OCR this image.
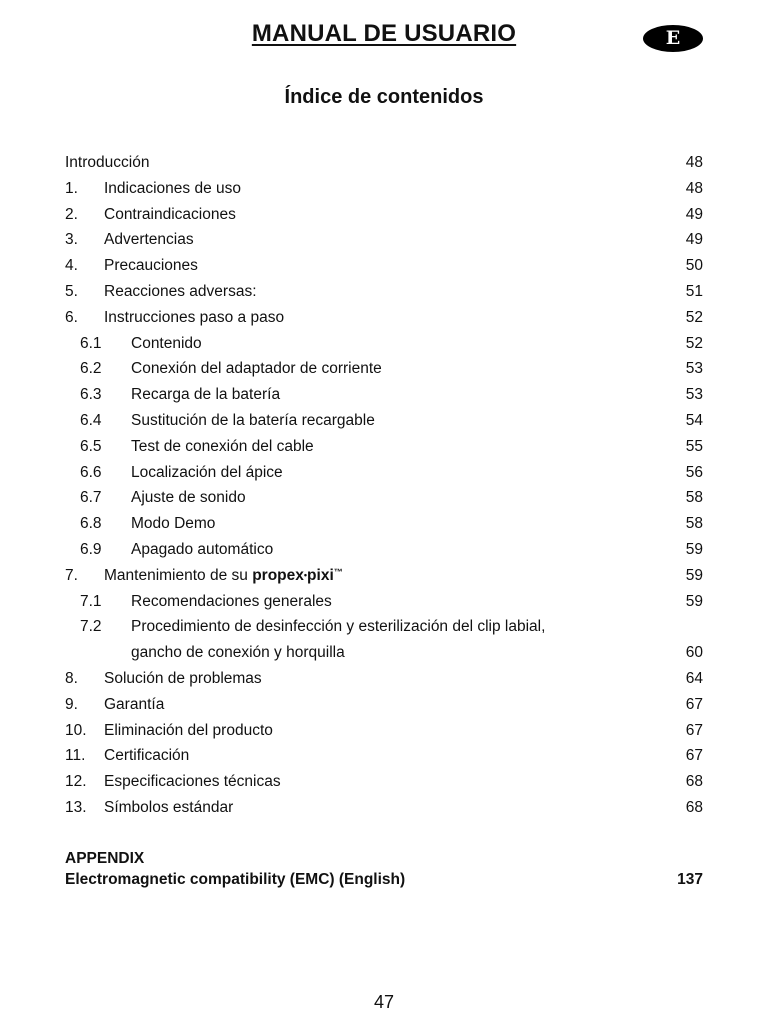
MANUAL DE USUARIO	E
Índice de contenidos
Introducción	48
1. Indicaciones de uso	48
2. Contraindicaciones	49
3. Advertencias	49
4. Precauciones	50
5. Reacciones adversas:	51
6. Instrucciones paso a paso	52
6.1 Contenido	52
6.2 Conexión del adaptador de corriente	53
6.3 Recarga de la batería	53
6.4 Sustitución de la batería recargable	54
6.5 Test de conexión del cable	55
6.6 Localización del ápice	56
6.7 Ajuste de sonido	58
6.8 Modo Demo	58
6.9 Apagado automático	59
7. Mantenimiento de su propex•pixi™	59
7.1 Recomendaciones generales	59
7.2 Procedimiento de desinfección y esterilización del clip labial,
gancho de conexión y horquilla	60
8. Solución de problemas	64
9. Garantía	67
10. Eliminación del producto	67
11. Certificación	67
12. Especificaciones técnicas	68
13. Símbolos estándar	68
APPENDIX
Electromagnetic compatibility (EMC) (English)	137
47
